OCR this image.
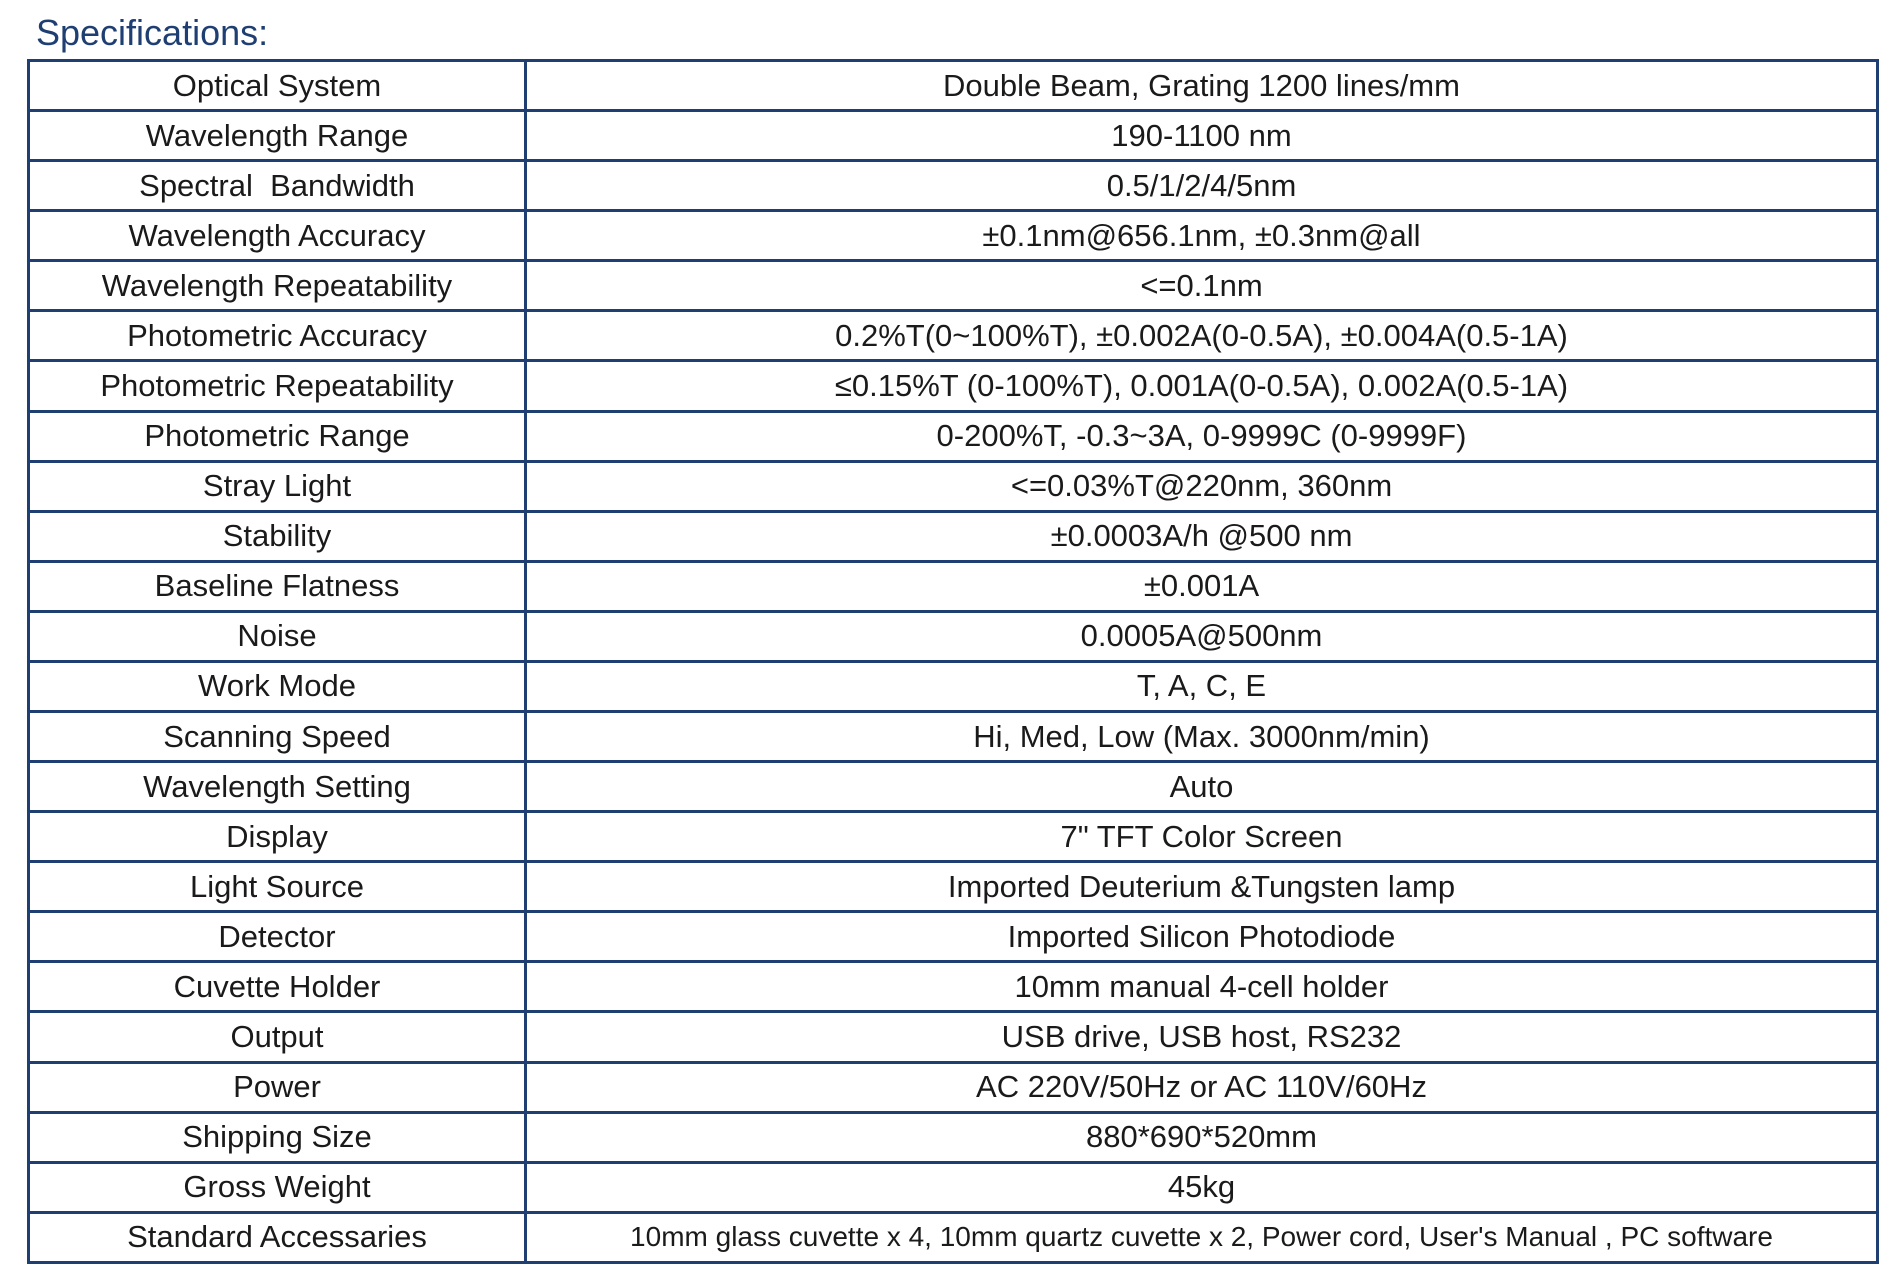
Specifications:
Optical System	Double Beam, Grating 1200 lines/mm
Wavelength Range	190-1100 nm
Spectral  Bandwidth	0.5/1/2/4/5nm
Wavelength Accuracy	±0.1nm@656.1nm, ±0.3nm@all
Wavelength Repeatability	<=0.1nm
Photometric Accuracy	0.2%T(0~100%T), ±0.002A(0-0.5A), ±0.004A(0.5-1A)
Photometric Repeatability	≤0.15%T (0-100%T), 0.001A(0-0.5A), 0.002A(0.5-1A)
Photometric Range	0-200%T, -0.3~3A, 0-9999C (0-9999F)
Stray Light	<=0.03%T@220nm, 360nm
Stability	±0.0003A/h @500 nm
Baseline Flatness	±0.001A
Noise	0.0005A@500nm
Work Mode	T, A, C, E
Scanning Speed	Hi, Med, Low (Max. 3000nm/min)
Wavelength Setting	Auto
Display	7" TFT Color Screen
Light Source	Imported Deuterium &Tungsten lamp
Detector	Imported Silicon Photodiode
Cuvette Holder	10mm manual 4-cell holder
Output	USB drive, USB host, RS232
Power	AC 220V/50Hz or AC 110V/60Hz
Shipping Size	880*690*520mm
Gross Weight	45kg
Standard Accessaries	10mm glass cuvette x 4, 10mm quartz cuvette x 2, Power cord, User's Manual , PC software
